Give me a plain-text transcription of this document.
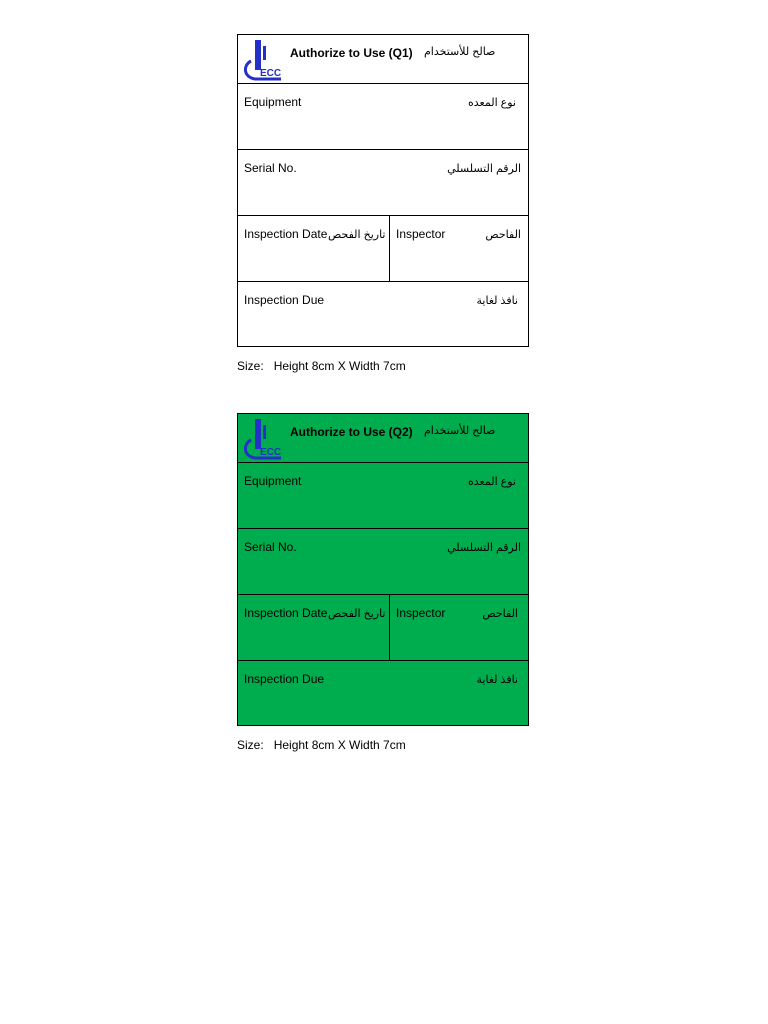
ECC
Authorize to Use (Q1) صالح للأستخدام
Equipment	نوع المعده
Serial No.	الرقم التسلسلي
Inspection Date تاريخ الفحص Inspector	الفاحص
Inspection Due	نافذ لغاية
Size: Height 8cm X Width 7cm
ECC
Authorize to Use (Q2) صالح للأستخدام
Equipment	نوع المعده
Serial No.	الرقم التسلسلي
Inspection Date تاريخ الفحص Inspector	الفاحص
Inspection Due	نافذ لغاية
Size: Height 8cm X Width 7cm
